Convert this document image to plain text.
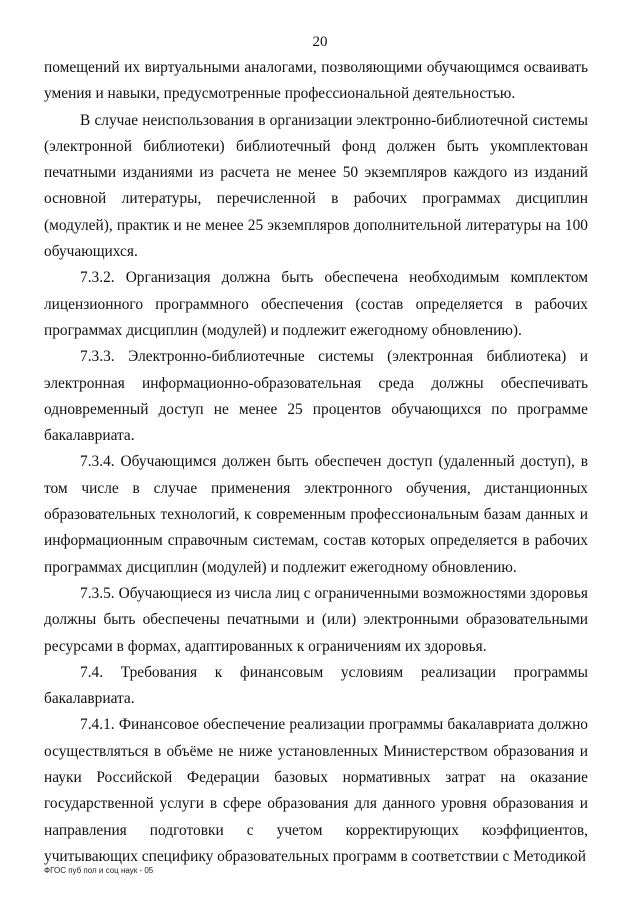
20

помещений их виртуальными аналогами, позволяющими обучающимся осваивать умения и навыки, предусмотренные профессиональной деятельностью.

В случае неиспользования в организации электронно-библиотечной системы (электронной библиотеки) библиотечный фонд должен быть укомплектован печатными изданиями из расчета не менее 50 экземпляров каждого из изданий основной литературы, перечисленной в рабочих программах дисциплин (модулей), практик и не менее 25 экземпляров дополнительной литературы на 100 обучающихся.

7.3.2. Организация должна быть обеспечена необходимым комплектом лицензионного программного обеспечения (состав определяется в рабочих программах дисциплин (модулей) и подлежит ежегодному обновлению).

7.3.3. Электронно-библиотечные системы (электронная библиотека) и электронная информационно-образовательная среда должны обеспечивать одновременный доступ не менее 25 процентов обучающихся по программе бакалавриата.

7.3.4. Обучающимся должен быть обеспечен доступ (удаленный доступ), в том числе в случае применения электронного обучения, дистанционных образовательных технологий, к современным профессиональным базам данных и информационным справочным системам, состав которых определяется в рабочих программах дисциплин (модулей) и подлежит ежегодному обновлению.

7.3.5. Обучающиеся из числа лиц с ограниченными возможностями здоровья должны быть обеспечены печатными и (или) электронными образовательными ресурсами в формах, адаптированных к ограничениям их здоровья.

7.4. Требования к финансовым условиям реализации программы бакалавриата.

7.4.1. Финансовое обеспечение реализации программы бакалавриата должно осуществляться в объёме не ниже установленных Министерством образования и науки Российской Федерации базовых нормативных затрат на оказание государственной услуги в сфере образования для данного уровня образования и направления подготовки с учетом корректирующих коэффициентов, учитывающих специфику образовательных программ в соответствии с Методикой

ФГОС пуб пол и соц наук - 05
